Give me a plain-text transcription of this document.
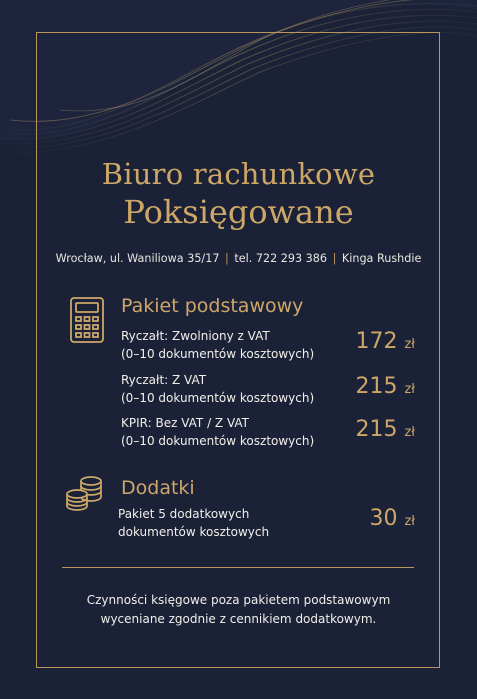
Biuro rachunkowe
Poksięgowane
Wrocław, ul. Waniliowa 35/17 | tel. 722 293 386 | Kinga Rushdie
Pakiet podstawowy
Ryczałt: Zwolniony z VAT
(0–10 dokumentów kosztowych) 172 zł
Ryczałt: Z VAT
(0–10 dokumentów kosztowych) 215 zł
KPIR: Bez VAT / Z VAT
(0–10 dokumentów kosztowych) 215 zł
Dodatki
Pakiet 5 dodatkowych
dokumentów kosztowych
30 zł
Czynności księgowe poza pakietem podstawowym
wyceniane zgodnie z cennikiem dodatkowym.
